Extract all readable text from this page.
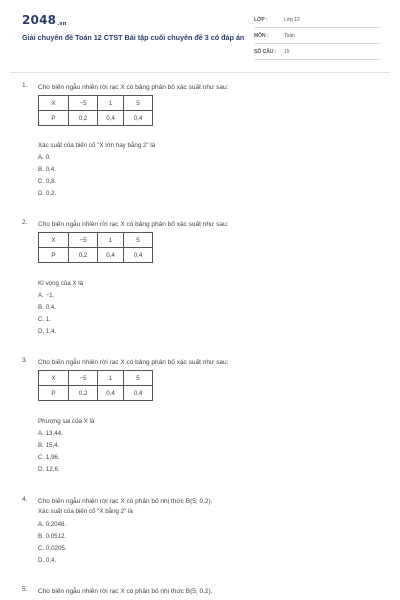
$2048_{.vn}$
Giải chuyên đề Toán 12 CTST Bài tập cuối chuyên đề 3 có đáp án
LỚP :	Lớp 12
MÔN :	Toán
SỐ CÂU : 15
1. Cho biến ngẫu nhiên rời rạc X có bảng phân bố xác suất như sau:
X	−5	1	5
P	0,2	0,4	0,4
Xác suất của biến cố "X lớn hay bằng 2" là
A. 0.
B. 0,4.
C. 0,8.
D. 0,2.
2. Cho biến ngẫu nhiên rời rạc X có bảng phân bố xác suất như sau:
X	−5	1	5
P	0,2	0,4	0,4
Kì vọng của X là
A. −1.
B. 0,4.
C. 1.
D. 1,4.
3. Cho biến ngẫu nhiên rời rạc X có bảng phân bố xác suất như sau:
X	−5	1	5
P	0,2	0,4	0,4
Phương sai của X là
A. 13,44.
B. 15,4.
C. 1,96.
D. 12,6.
4. Cho biến ngẫu nhiên rời rạc X có phân bố nhị thức B(5; 0,2).
Xác suất của biến cố "X bằng 2" là
A. 0,2048.
B. 0,0512.
C. 0,0205.
D. 0,4.
5. Cho biến ngẫu nhiên rời rạc X có phân bố nhị thức B(5; 0,2).
